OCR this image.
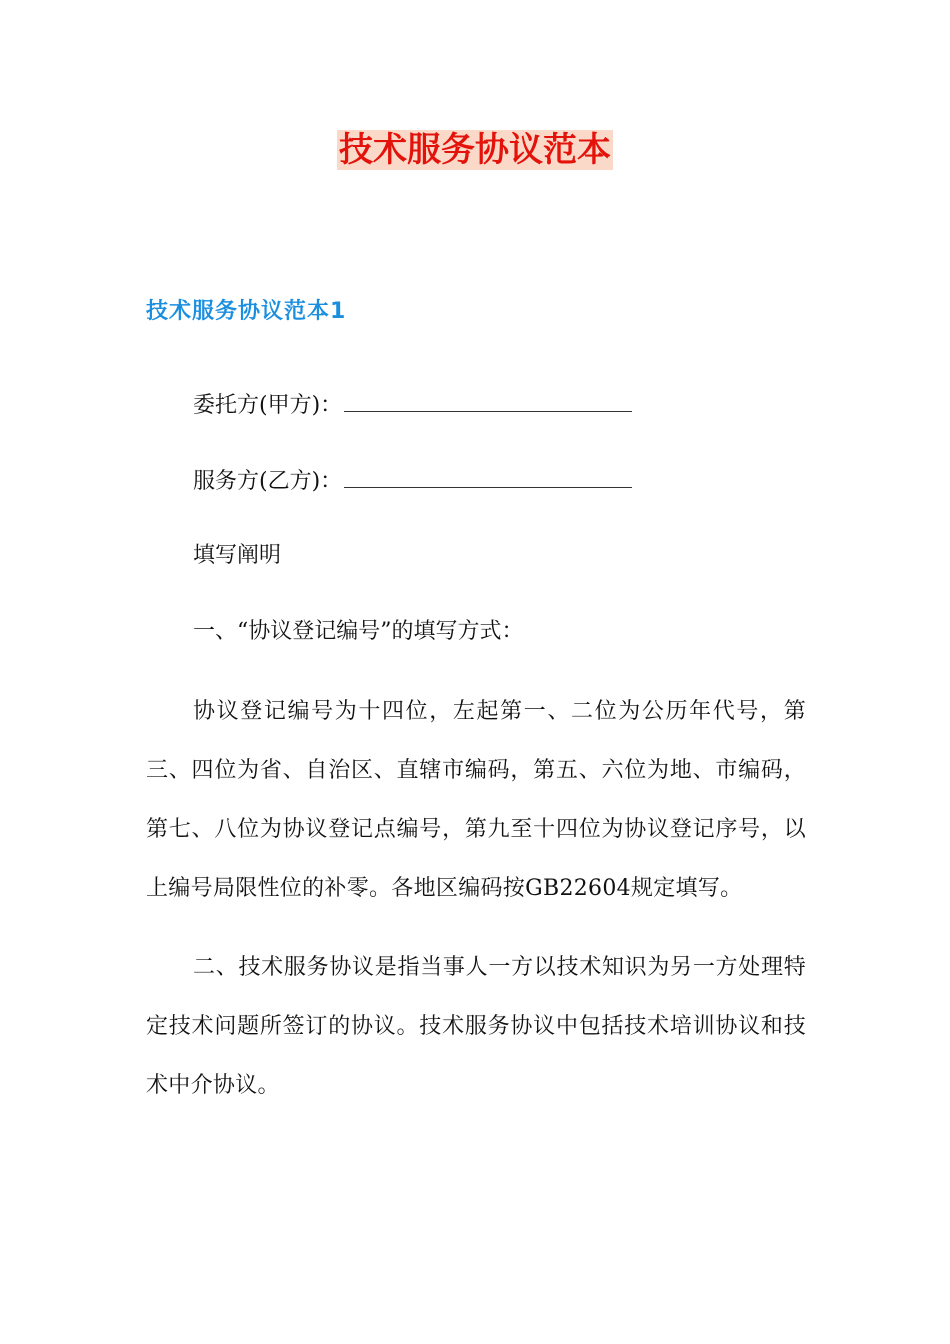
技术服务协议范本
技术服务协议范本1
委托方(甲方)：
服务方(乙方)：
填写阐明
一、“协议登记编号”的填写方式：
协议登记编号为十四位，左起第一、二位为公历年代号，第三、四位为省、自治区、直辖市编码，第五、六位为地、市编码，第七、八位为协议登记点编号，第九至十四位为协议登记序号，以上编号局限性位的补零。各地区编码按GB22604规定填写。
二、技术服务协议是指当事人一方以技术知识为另一方处理特定技术问题所签订的协议。技术服务协议中包括技术培训协议和技术中介协议。
